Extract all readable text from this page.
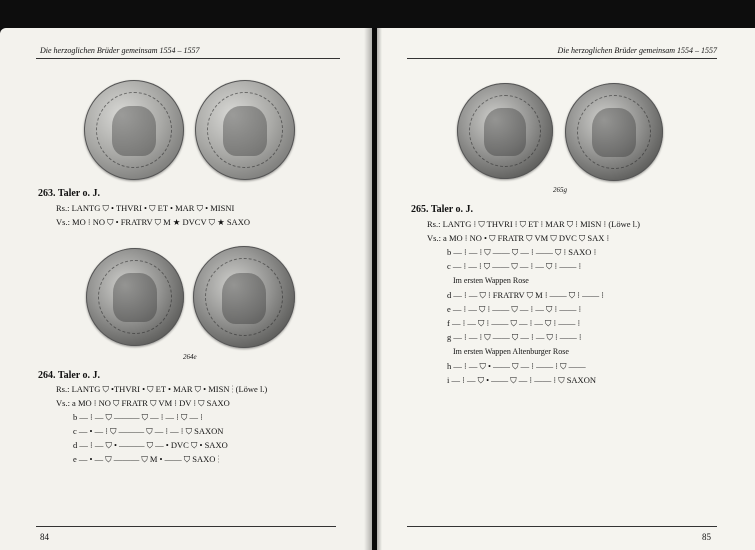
Die herzoglichen Brüder gemeinsam 1554 – 1557
263. Taler o. J.
Rs.: LANTG ⛉ • THVRI • ⛉ ET • MAR ⛉ • MISNI
Vs.: MO ⁝ NO ⛉ • FRATRV ⛉ M ★ DVCV ⛉ ★ SAXO
264e
264. Taler o. J.
Rs.: LANTG ⛉ •THVRI • ⛉ ET • MAR ⛉ • MISN ⁝ (Löwe l.)
Vs.: a MO ⁝ NO ⛉ FRATR ⛉ VM ⁝ DV ⁝ ⛉ SAXO
b — ⁝ — ⛉ ——— ⛉ — ⁝ — ⁝ ⛉ — ⁝
c — • — ⁝ ⛉ ——— ⛉ — ⁝ — ⁝ ⛉ SAXON
d — ⁝ — ⛉ • ——— ⛉ — • DVC ⛉ • SAXO
e — • — ⛉ ——— ⛉ M • —— ⛉ SAXO ⁝
84
Die herzoglichen Brüder gemeinsam 1554 – 1557
265g
265. Taler o. J.
Rs.: LANTG ⁝ ⛉ THVRI ⁝ ⛉ ET ⁝ MAR ⛉ ⁝ MISN ⁝ (Löwe l.)
Vs.: a MO ⁝ NO • ⛉ FRATR ⛉ VM ⛉ DVC ⛉ SAX ⁝
b — ⁝ — ⁝ ⛉ —— ⛉ — ⁝ —— ⛉ ⁝ SAXO ⁝
c — ⁝ — ⁝ ⛉ —— ⛉ — ⁝ — ⛉ ⁝ —— ⁝
Im ersten Wappen Rose
d — ⁝ — ⛉ ⁝ FRATRV ⛉ M ⁝ —— ⛉ ⁝ —— ⁝
e — ⁝ — ⛉ ⁝ —— ⛉ — ⁝ — ⛉ ⁝ —— ⁝
f — ⁝ — ⛉ ⁝ —— ⛉ — ⁝ — ⛉ ⁝ —— ⁝
g — ⁝ — ⁝ ⛉ —— ⛉ — ⁝ — ⛉ ⁝ —— ⁝
Im ersten Wappen Altenburger Rose
h — ⁝ — ⛉ • —— ⛉ — ⁝ —— ⁝ ⛉ ——
i — ⁝ — ⛉ • —— ⛉ — ⁝ —— ⁝ ⛉ SAXON
85
